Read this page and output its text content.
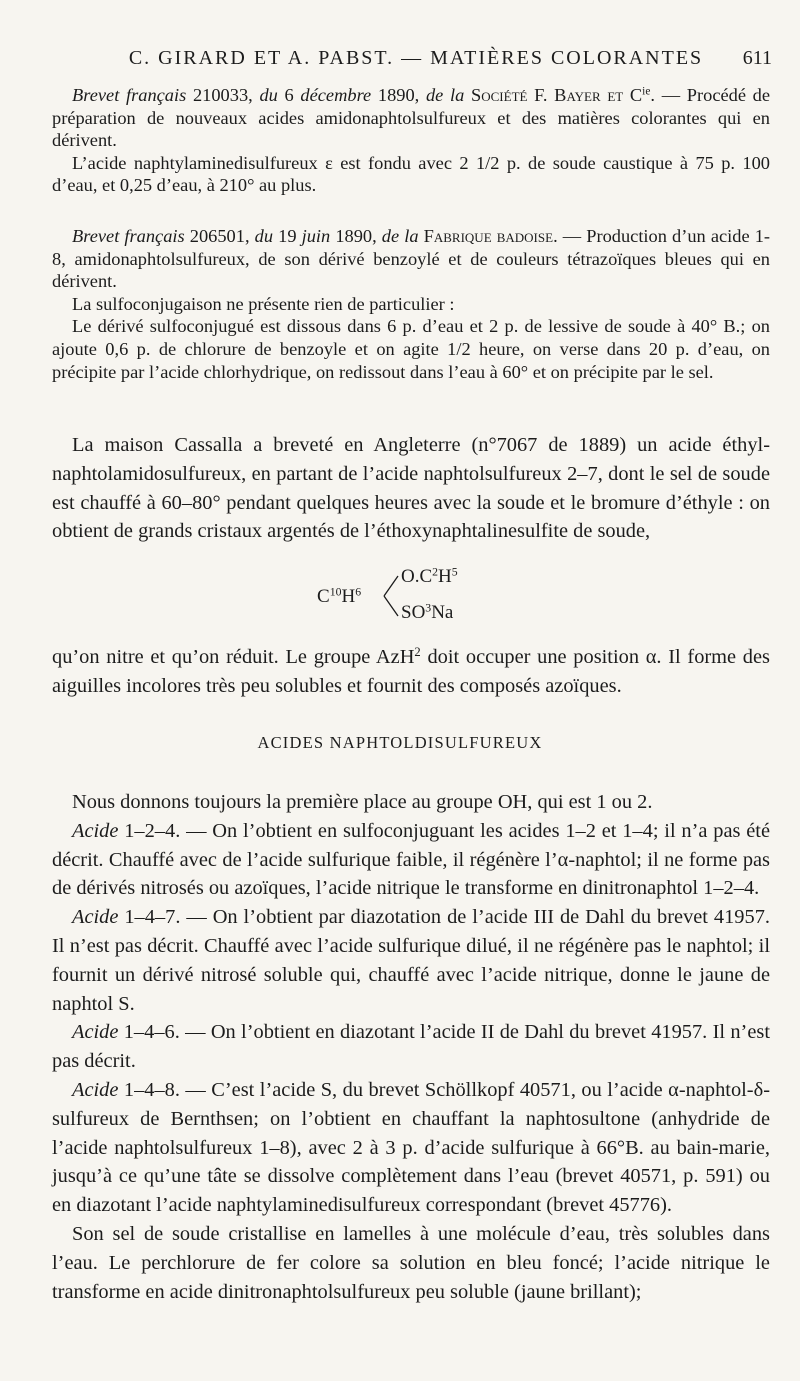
C. GIRARD ET A. PABST. — MATIÈRES COLORANTES	611

Brevet français 210033, du 6 décembre 1890, de la Société F. Bayer et $C^{ie}$. — Procédé de préparation de nouveaux acides amidonaphtolsulfureux et des matières colorantes qui en dérivent.

L’acide naphtylaminedisulfureux ε est fondu avec 2 1/2 p. de soude caustique à 75 p. 100 d’eau, et 0,25 d’eau, à 210° au plus.

Brevet français 206501, du 19 juin 1890, de la Fabrique badoise. — Production d’un acide 1-8, amidonaphtolsulfureux, de son dérivé benzoylé et de couleurs tétrazoïques bleues qui en dérivent.

La sulfoconjugaison ne présente rien de particulier :

Le dérivé sulfoconjugué est dissous dans 6 p. d’eau et 2 p. de lessive de soude à 40° B.; on ajoute 0,6 p. de chlorure de benzoyle et on agite 1/2 heure, on verse dans 20 p. d’eau, on précipite par l’acide chlorhydrique, on redissout dans l’eau à 60° et on précipite par le sel.

La maison Cassalla a breveté en Angleterre (n°7067 de 1889) un acide éthyl-naphtolamidosulfureux, en partant de l’acide naphtolsulfureux 2–7, dont le sel de soude est chauffé à 60–80° pendant quelques heures avec la soude et le bromure d’éthyle : on obtient de grands cristaux argentés de l’éthoxynaphtalinesulfite de soude,

$C^{10}H^6$
$O.C^2H^5$
$SO^3Na$

qu’on nitre et qu’on réduit. Le groupe AzH$^2$ doit occuper une position α. Il forme des aiguilles incolores très peu solubles et fournit des composés azoïques.

ACIDES NAPHTOLDISULFUREUX

Nous donnons toujours la première place au groupe OH, qui est 1 ou 2.

Acide 1–2–4. — On l’obtient en sulfoconjuguant les acides 1–2 et 1–4; il n’a pas été décrit. Chauffé avec de l’acide sulfurique faible, il régénère l’α-naphtol; il ne forme pas de dérivés nitrosés ou azoïques, l’acide nitrique le transforme en dinitronaphtol 1–2–4.

Acide 1–4–7. — On l’obtient par diazotation de l’acide III de Dahl du brevet 41957. Il n’est pas décrit. Chauffé avec l’acide sulfurique dilué, il ne régénère pas le naphtol; il fournit un dérivé nitrosé soluble qui, chauffé avec l’acide nitrique, donne le jaune de naphtol S.

Acide 1–4–6. — On l’obtient en diazotant l’acide II de Dahl du brevet 41957. Il n’est pas décrit.

Acide 1–4–8. — C’est l’acide S, du brevet Schöllkopf 40571, ou l’acide α-naphtol-δ-sulfureux de Bernthsen; on l’obtient en chauffant la naphtosultone (anhydride de l’acide naphtolsulfureux 1–8), avec 2 à 3 p. d’acide sulfurique à 66°B. au bain-marie, jusqu’à ce qu’une tâte se dissolve complètement dans l’eau (brevet 40571, p. 591) ou en diazotant l’acide naphtylaminedisulfureux correspondant (brevet 45776).

Son sel de soude cristallise en lamelles à une molécule d’eau, très solubles dans l’eau. Le perchlorure de fer colore sa solution en bleu foncé; l’acide nitrique le transforme en acide dinitronaphtolsulfureux peu soluble (jaune brillant);
